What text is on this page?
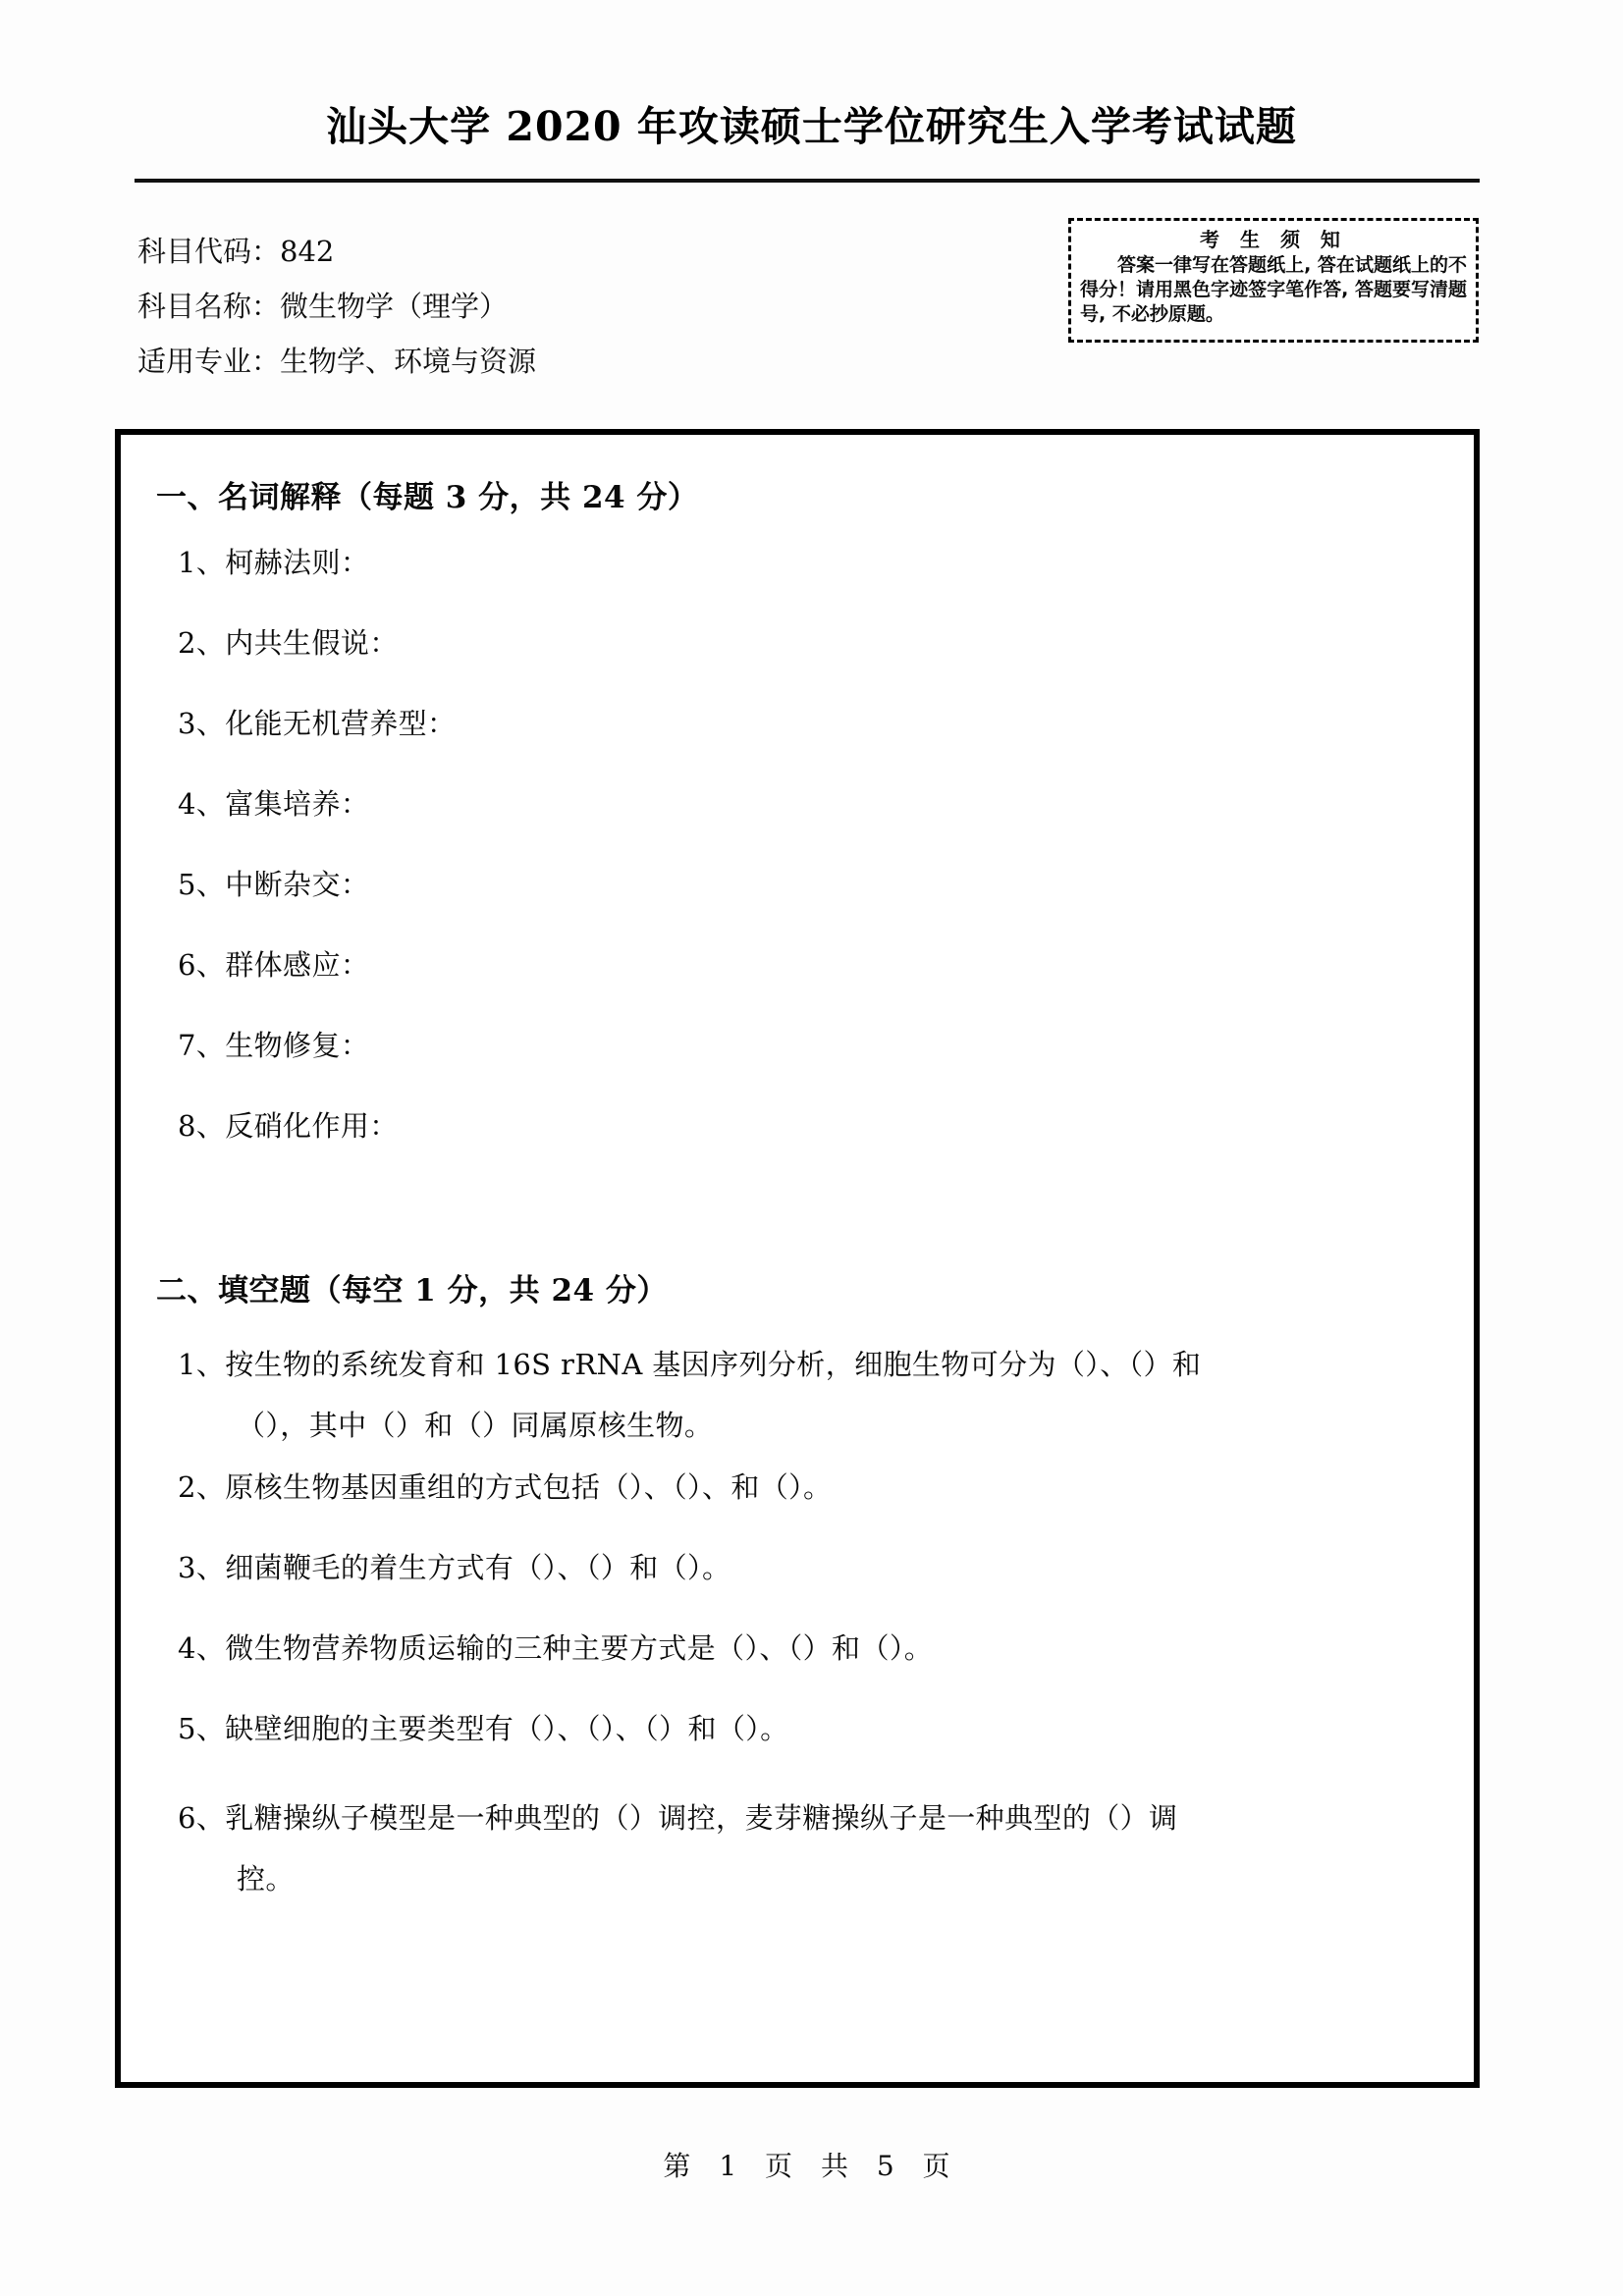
汕头大学 2020 年攻读硕士学位研究生入学考试试题
科目代码：842
科目名称：微生物学（理学）
适用专业：生物学、环境与资源
考 生 须 知
答案一律写在答题纸上, 答在试题纸上的不得分！请用黑色字迹签字笔作答, 答题要写清题号, 不必抄原题。
一、名词解释（每题 3 分，共 24 分）
1、柯赫法则：
2、内共生假说：
3、化能无机营养型：
4、富集培养：
5、中断杂交：
6、群体感应：
7、生物修复：
8、反硝化作用：
二、填空题（每空 1 分，共 24 分）
1、按生物的系统发育和 16S rRNA 基因序列分析，细胞生物可分为（）、（）和
（），其中（）和（）同属原核生物。
2、原核生物基因重组的方式包括（）、（）、和（）。
3、细菌鞭毛的着生方式有（）、（）和（）。
4、微生物营养物质运输的三种主要方式是（）、（）和（）。
5、缺壁细胞的主要类型有（）、（）、（）和（）。
6、乳糖操纵子模型是一种典型的（）调控，麦芽糖操纵子是一种典型的（）调
控。
第 1 页 共 5 页
